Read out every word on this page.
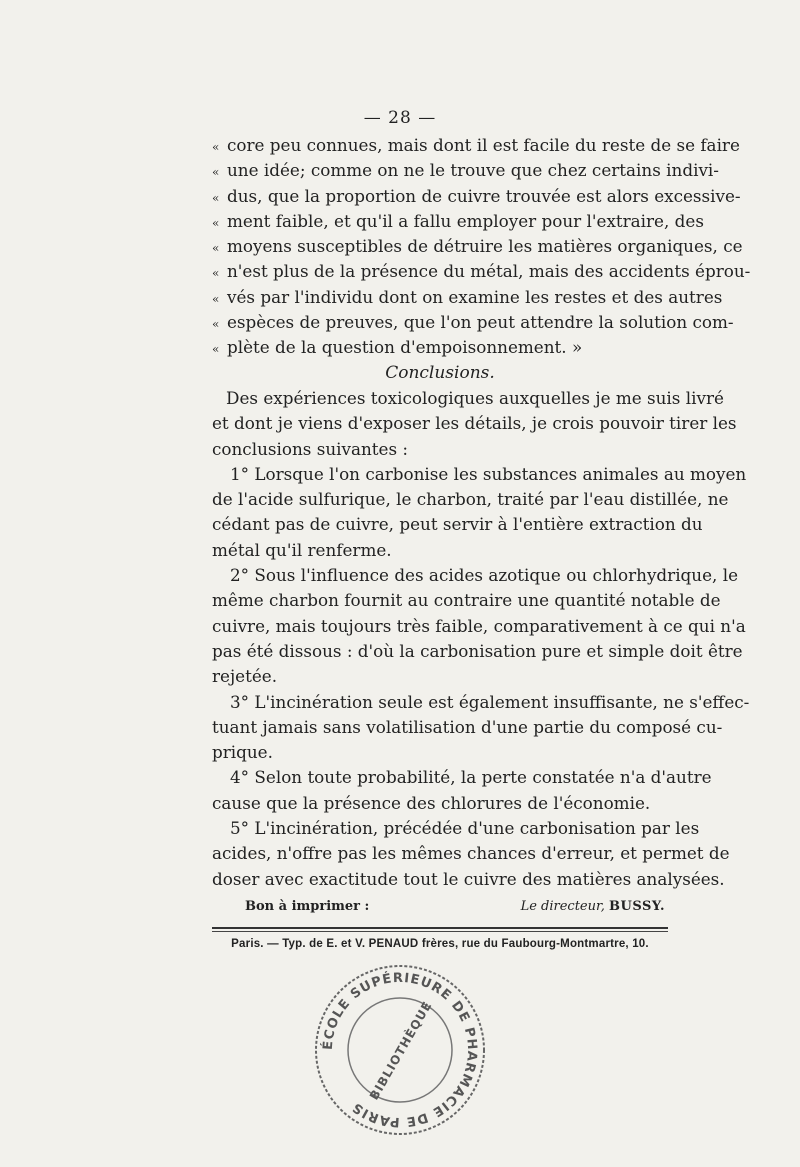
— 28 —
« core peu connues, mais dont il est facile du reste de se faire
« une idée; comme on ne le trouve que chez certains indivi-
« dus, que la proportion de cuivre trouvée est alors excessive-
« ment faible, et qu'il a fallu employer pour l'extraire, des
« moyens susceptibles de détruire les matières organiques, ce
« n'est plus de la présence du métal, mais des accidents éprou-
« vés par l'individu dont on examine les restes et des autres
« espèces de preuves, que l'on peut attendre la solution com-
« plète de la question d'empoisonnement. »
Conclusions.
Des expériences toxicologiques auxquelles je me suis livré
et dont je viens d'exposer les détails, je crois pouvoir tirer les
conclusions suivantes :
1° Lorsque l'on carbonise les substances animales au moyen
de l'acide sulfurique, le charbon, traité par l'eau distillée, ne
cédant pas de cuivre, peut servir à l'entière extraction du
métal qu'il renferme.
2° Sous l'influence des acides azotique ou chlorhydrique, le
même charbon fournit au contraire une quantité notable de
cuivre, mais toujours très faible, comparativement à ce qui n'a
pas été dissous : d'où la carbonisation pure et simple doit être
rejetée.
3° L'incinération seule est également insuffisante, ne s'effec-
tuant jamais sans volatilisation d'une partie du composé cu-
prique.
4° Selon toute probabilité, la perte constatée n'a d'autre
cause que la présence des chlorures de l'économie.
5° L'incinération, précédée d'une carbonisation par les
acides, n'offre pas les mêmes chances d'erreur, et permet de
doser avec exactitude tout le cuivre des matières analysées.
Bon à imprimer :	Le directeur, BUSSY.
Paris. — Typ. de E. et V. PENAUD frères, rue du Faubourg-Montmartre, 10.
ÉCOLE SUPÉRIEURE DE PHARMACIE DE PARIS
BIBLIOTHÈQUE
